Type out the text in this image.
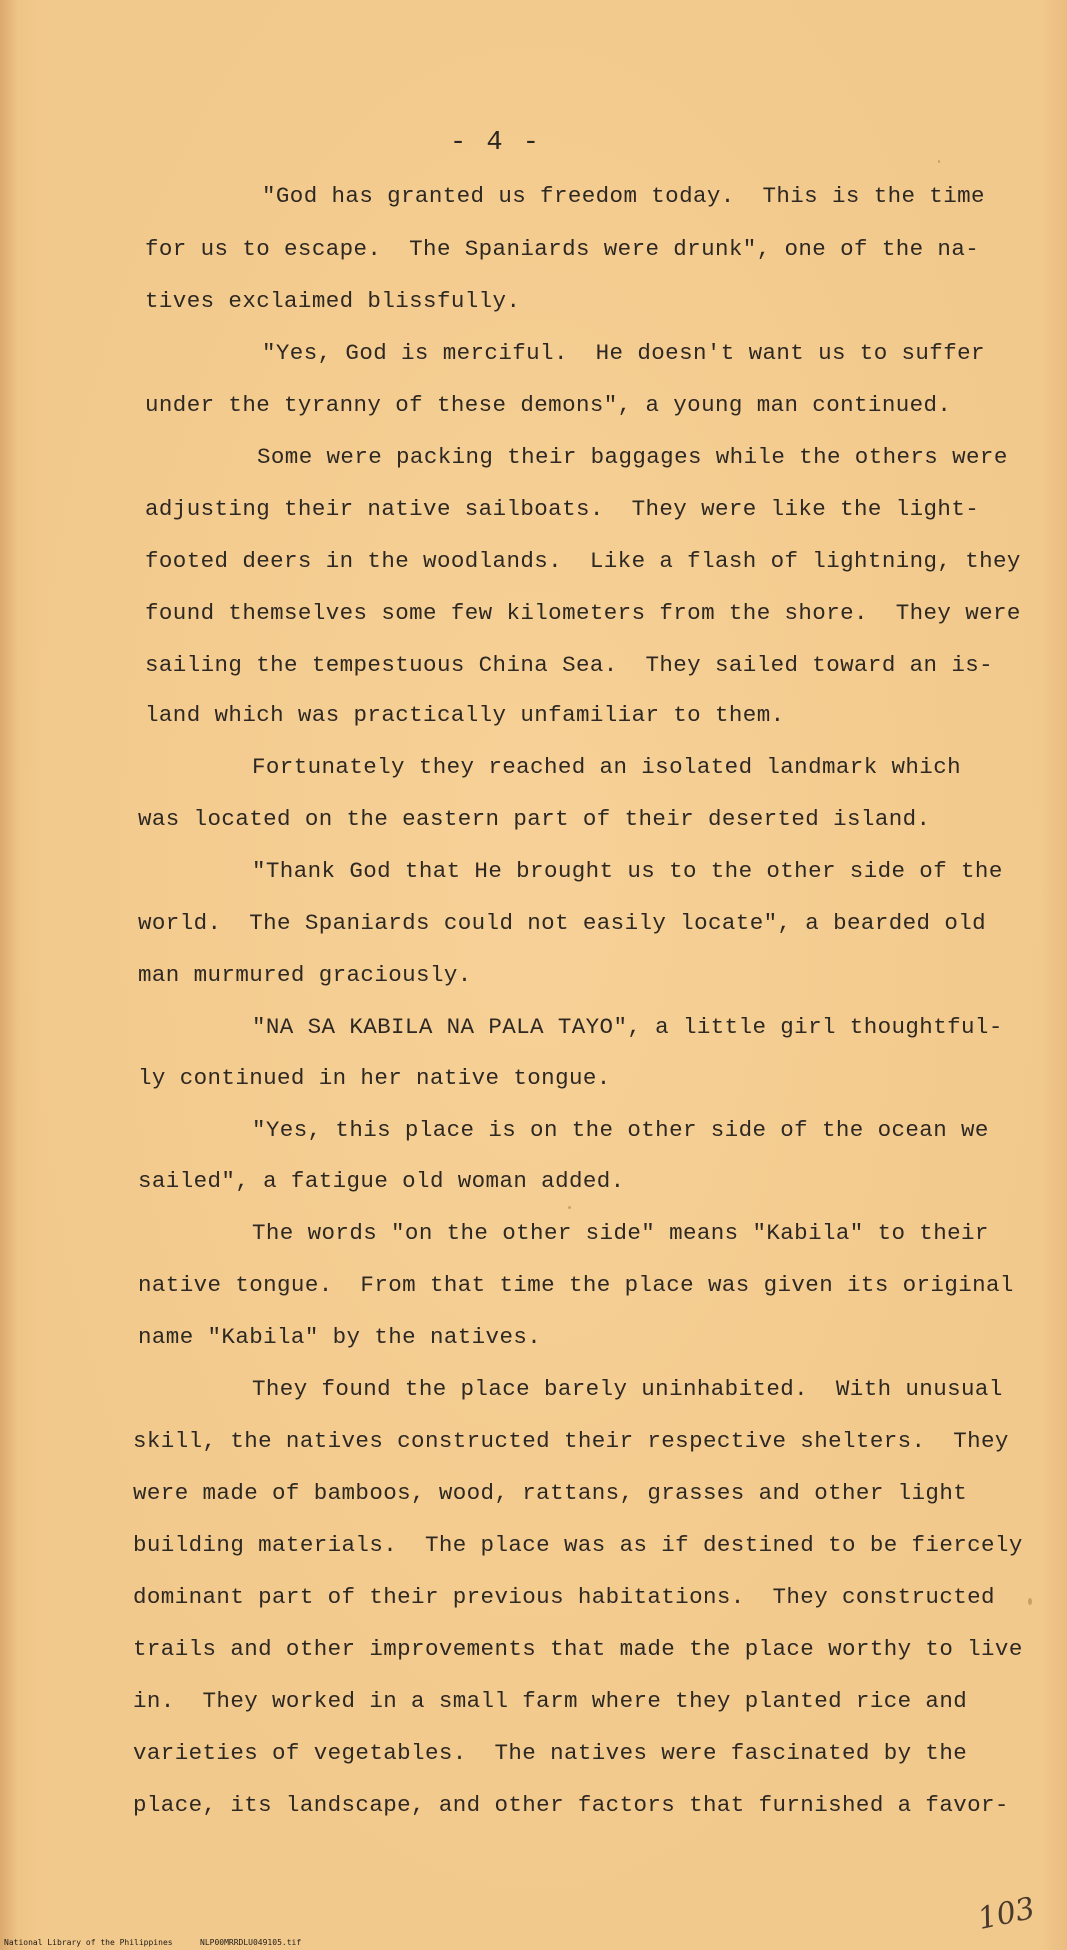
- 4 -
"God has granted us freedom today.  This is the time
for us to escape.  The Spaniards were drunk", one of the na-
tives exclaimed blissfully.
"Yes, God is merciful.  He doesn't want us to suffer
under the tyranny of these demons", a young man continued.
Some were packing their baggages while the others were
adjusting their native sailboats.  They were like the light-
footed deers in the woodlands.  Like a flash of lightning, they
found themselves some few kilometers from the shore.  They were
sailing the tempestuous China Sea.  They sailed toward an is-
land which was practically unfamiliar to them.
Fortunately they reached an isolated landmark which
was located on the eastern part of their deserted island.
"Thank God that He brought us to the other side of the
world.  The Spaniards could not easily locate", a bearded old
man murmured graciously.
"NA SA KABILA NA PALA TAYO", a little girl thoughtful-
ly continued in her native tongue.
"Yes, this place is on the other side of the ocean we
sailed", a fatigue old woman added.
The words "on the other side" means "Kabila" to their
native tongue.  From that time the place was given its original
name "Kabila" by the natives.
They found the place barely uninhabited.  With unusual
skill, the natives constructed their respective shelters.  They
were made of bamboos, wood, rattans, grasses and other light
building materials.  The place was as if destined to be fiercely
dominant part of their previous habitations.  They constructed
trails and other improvements that made the place worthy to live
in.  They worked in a small farm where they planted rice and
varieties of vegetables.  The natives were fascinated by the
place, its landscape, and other factors that furnished a favor-
103
National Library of the Philippines	NLP00MRRDLU049105.tif
